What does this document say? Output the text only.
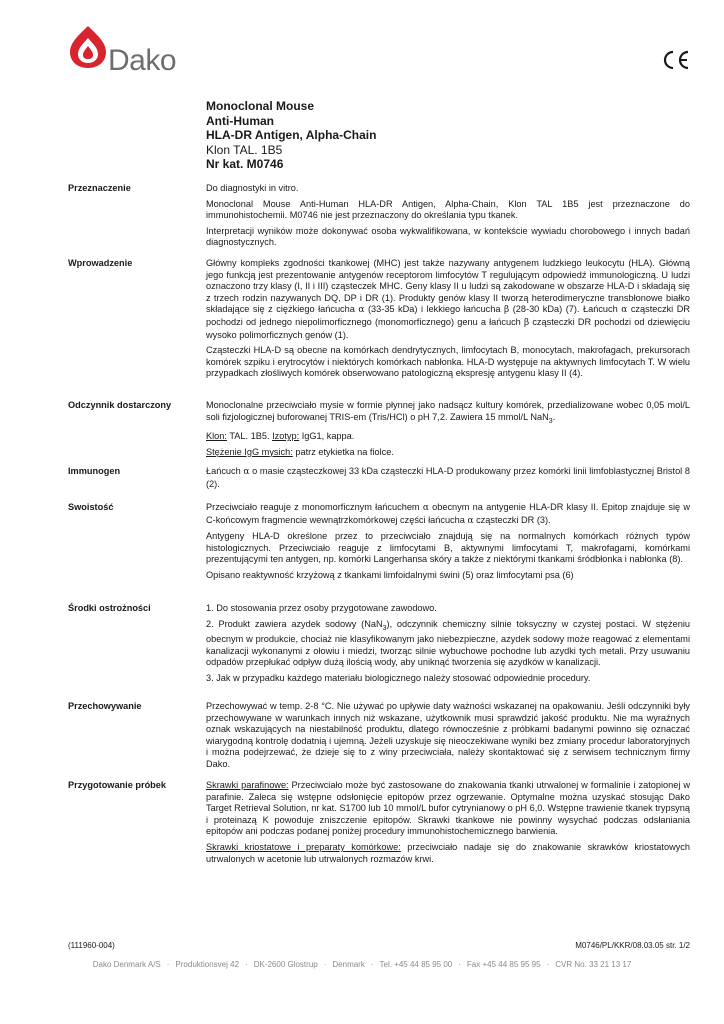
Dako	CE
Monoclonal Mouse
Anti-Human
HLA-DR Antigen, Alpha-Chain
Klon TAL. 1B5
Nr kat. M0746
Przeznaczenie	Do diagnostyki in vitro.

Monoclonal Mouse Anti-Human HLA-DR Antigen, Alpha-Chain, Klon TAL 1B5 jest przeznaczone do immunohistochemii. M0746 nie jest przeznaczony do określania typu tkanek.

Interpretacji wyników może dokonywać osoba wykwalifikowana, w kontekście wywiadu chorobowego i innych badań diagnostycznych.

Wprowadzenie	Główny kompleks zgodności tkankowej (MHC) jest także nazywany antygenem ludzkiego leukocytu (HLA). Główną jego funkcją jest prezentowanie antygenów receptorom limfocytów T regulującym odpowiedź immunologiczną. U ludzi oznaczono trzy klasy (I, II i III) cząsteczek MHC. Geny klasy II u ludzi są zakodowane w obszarze HLA-D i składają się z trzech rodzin nazywanych DQ, DP i DR (1). Produkty genów klasy II tworzą heterodimeryczne transbłonowe białko składające się z ciężkiego łańcucha α (33-35 kDa) i lekkiego łańcucha β (28-30 kDa) (7). Łańcuch α cząsteczki DR pochodzi od jednego niepolimorficznego (monomorficznego) genu a łańcuch β cząsteczki DR pochodzi od dziewięciu wysoko polimorficznych genów (1).

Cząsteczki HLA-D są obecne na komórkach dendrytycznych, limfocytach B, monocytach, makrofagach, prekursorach komórek szpiku i erytrocytów i niektórych komórkach nabłonka. HLA-D występuje na aktywnych limfocytach T. W wielu przypadkach złośliwych komórek obserwowano patologiczną ekspresję antygenu klasy II (4).

Odczynnik dostarczony	Monoclonalne przeciwciało mysie w formie płynnej jako nadsącz kultury komórek, przedializowane wobec 0,05 mol/L soli fizjologicznej buforowanej TRIS-em (Tris/HCl) o pH 7,2. Zawiera 15 mmol/L NaN$_3$.

Klon: TAL. 1B5. Izotyp: IgG1, kappa.

Stężenie IgG mysich: patrz etykietka na fiolce.

Immunogen	Łańcuch α o masie cząsteczkowej 33 kDa cząsteczki HLA-D produkowany przez komórki linii limfoblastycznej Bristol 8 (2).

Swoistość	Przeciwciało reaguje z monomorficznym łańcuchem α obecnym na antygenie HLA-DR klasy II. Epitop znajduje się w C-końcowym fragmencie wewnątrzkomórkowej części łańcucha α cząsteczki DR (3).

Antygeny HLA-D określone przez to przeciwciało znajdują się na normalnych komórkach różnych typów histologicznych. Przeciwciało reaguje z limfocytami B, aktywnymi limfocytami T, makrofagami, komórkami prezentującymi ten antygen, np. komórki Langerhansa skóry a także z niektórymi tkankami śródbłonka i nabłonka (8).

Opisano reaktywność krzyżową z tkankami limfoidalnymi świni (5) oraz limfocytami psa (6)

Środki ostrożności	1. Do stosowania przez osoby przygotowane zawodowo.

2. Produkt zawiera azydek sodowy (NaN$_3$), odczynnik chemiczny silnie toksyczny w czystej postaci. W stężeniu obecnym w produkcie, chociaż nie klasyfikowanym jako niebezpieczne, azydek sodowy może reagować z elementami kanalizacji wykonanymi z ołowiu i miedzi, tworząc silnie wybuchowe pochodne lub azydki tych metali. Przy usuwaniu odpadów przepłukać odpływ dużą ilością wody, aby uniknąć tworzenia się azydków w kanalizacji.

3. Jak w przypadku każdego materiału biologicznego należy stosować odpowiednie procedury.

Przechowywanie	Przechowywać w temp. 2-8 °C. Nie używać po upływie daty ważności wskazanej na opakowaniu. Jeśli odczynniki były przechowywane w warunkach innych niż wskazane, użytkownik musi sprawdzić jakość produktu. Nie ma wyraźnych oznak wskazujących na niestabilność produktu, dlatego równocześnie z próbkami badanymi powinno się oznaczać wiarygodną kontrolę dodatnią i ujemną. Jeżeli uzyskuje się nieoczekiwane wyniki bez zmiany procedur laboratoryjnych i można podejrzewać, że dzieje się to z winy przeciwciała, należy skontaktować się z serwisem technicznym firmy Dako.

Przygotowanie próbek	Skrawki parafinowe: Przeciwciało może być zastosowane do znakowania tkanki utrwalonej w formalinie i zatopionej w parafinie. Zaleca się wstępne odsłonięcie epitopów przez ogrzewanie. Optymalne można uzyskać stosując Dako Target Retrieval Solution, nr kat. S1700 lub 10 mmol/L bufor cytrynianowy o pH 6,0. Wstępne trawienie tkanek trypsyną i proteinazą K powoduje zniszczenie epitopów. Skrawki tkankowe nie powinny wysychać podczas odsłaniania epitopów ani podczas podanej poniżej procedury immunohistochemicznego barwienia.

Skrawki kriostatowe i preparaty komórkowe: przeciwciało nadaje się do znakowanie skrawków kriostatowych utrwalonych w acetonie lub utrwalonych rozmazów krwi.

(111960-004)	M0746/PL/KKR/08.03.05 str. 1/2
Dako Denmark A/S · Produktionsvej 42 · DK-2600 Glostrup · Denmark · Tel. +45 44 85 95 00 · Fax +45 44 85 95 95 · CVR No. 33 21 13 17
